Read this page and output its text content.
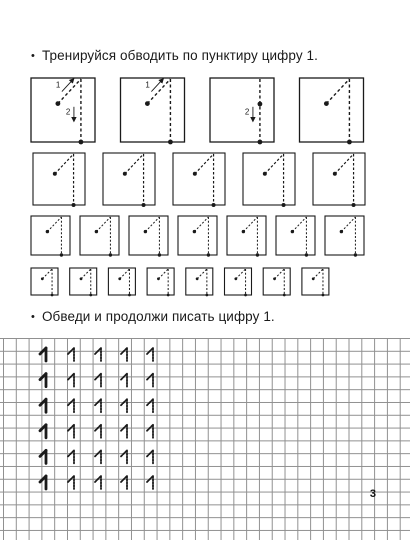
• Тренируйся обводить по пунктиру цифру 1.
1
2
1
2
• Обведи и продолжи писать цифру 1.
3
